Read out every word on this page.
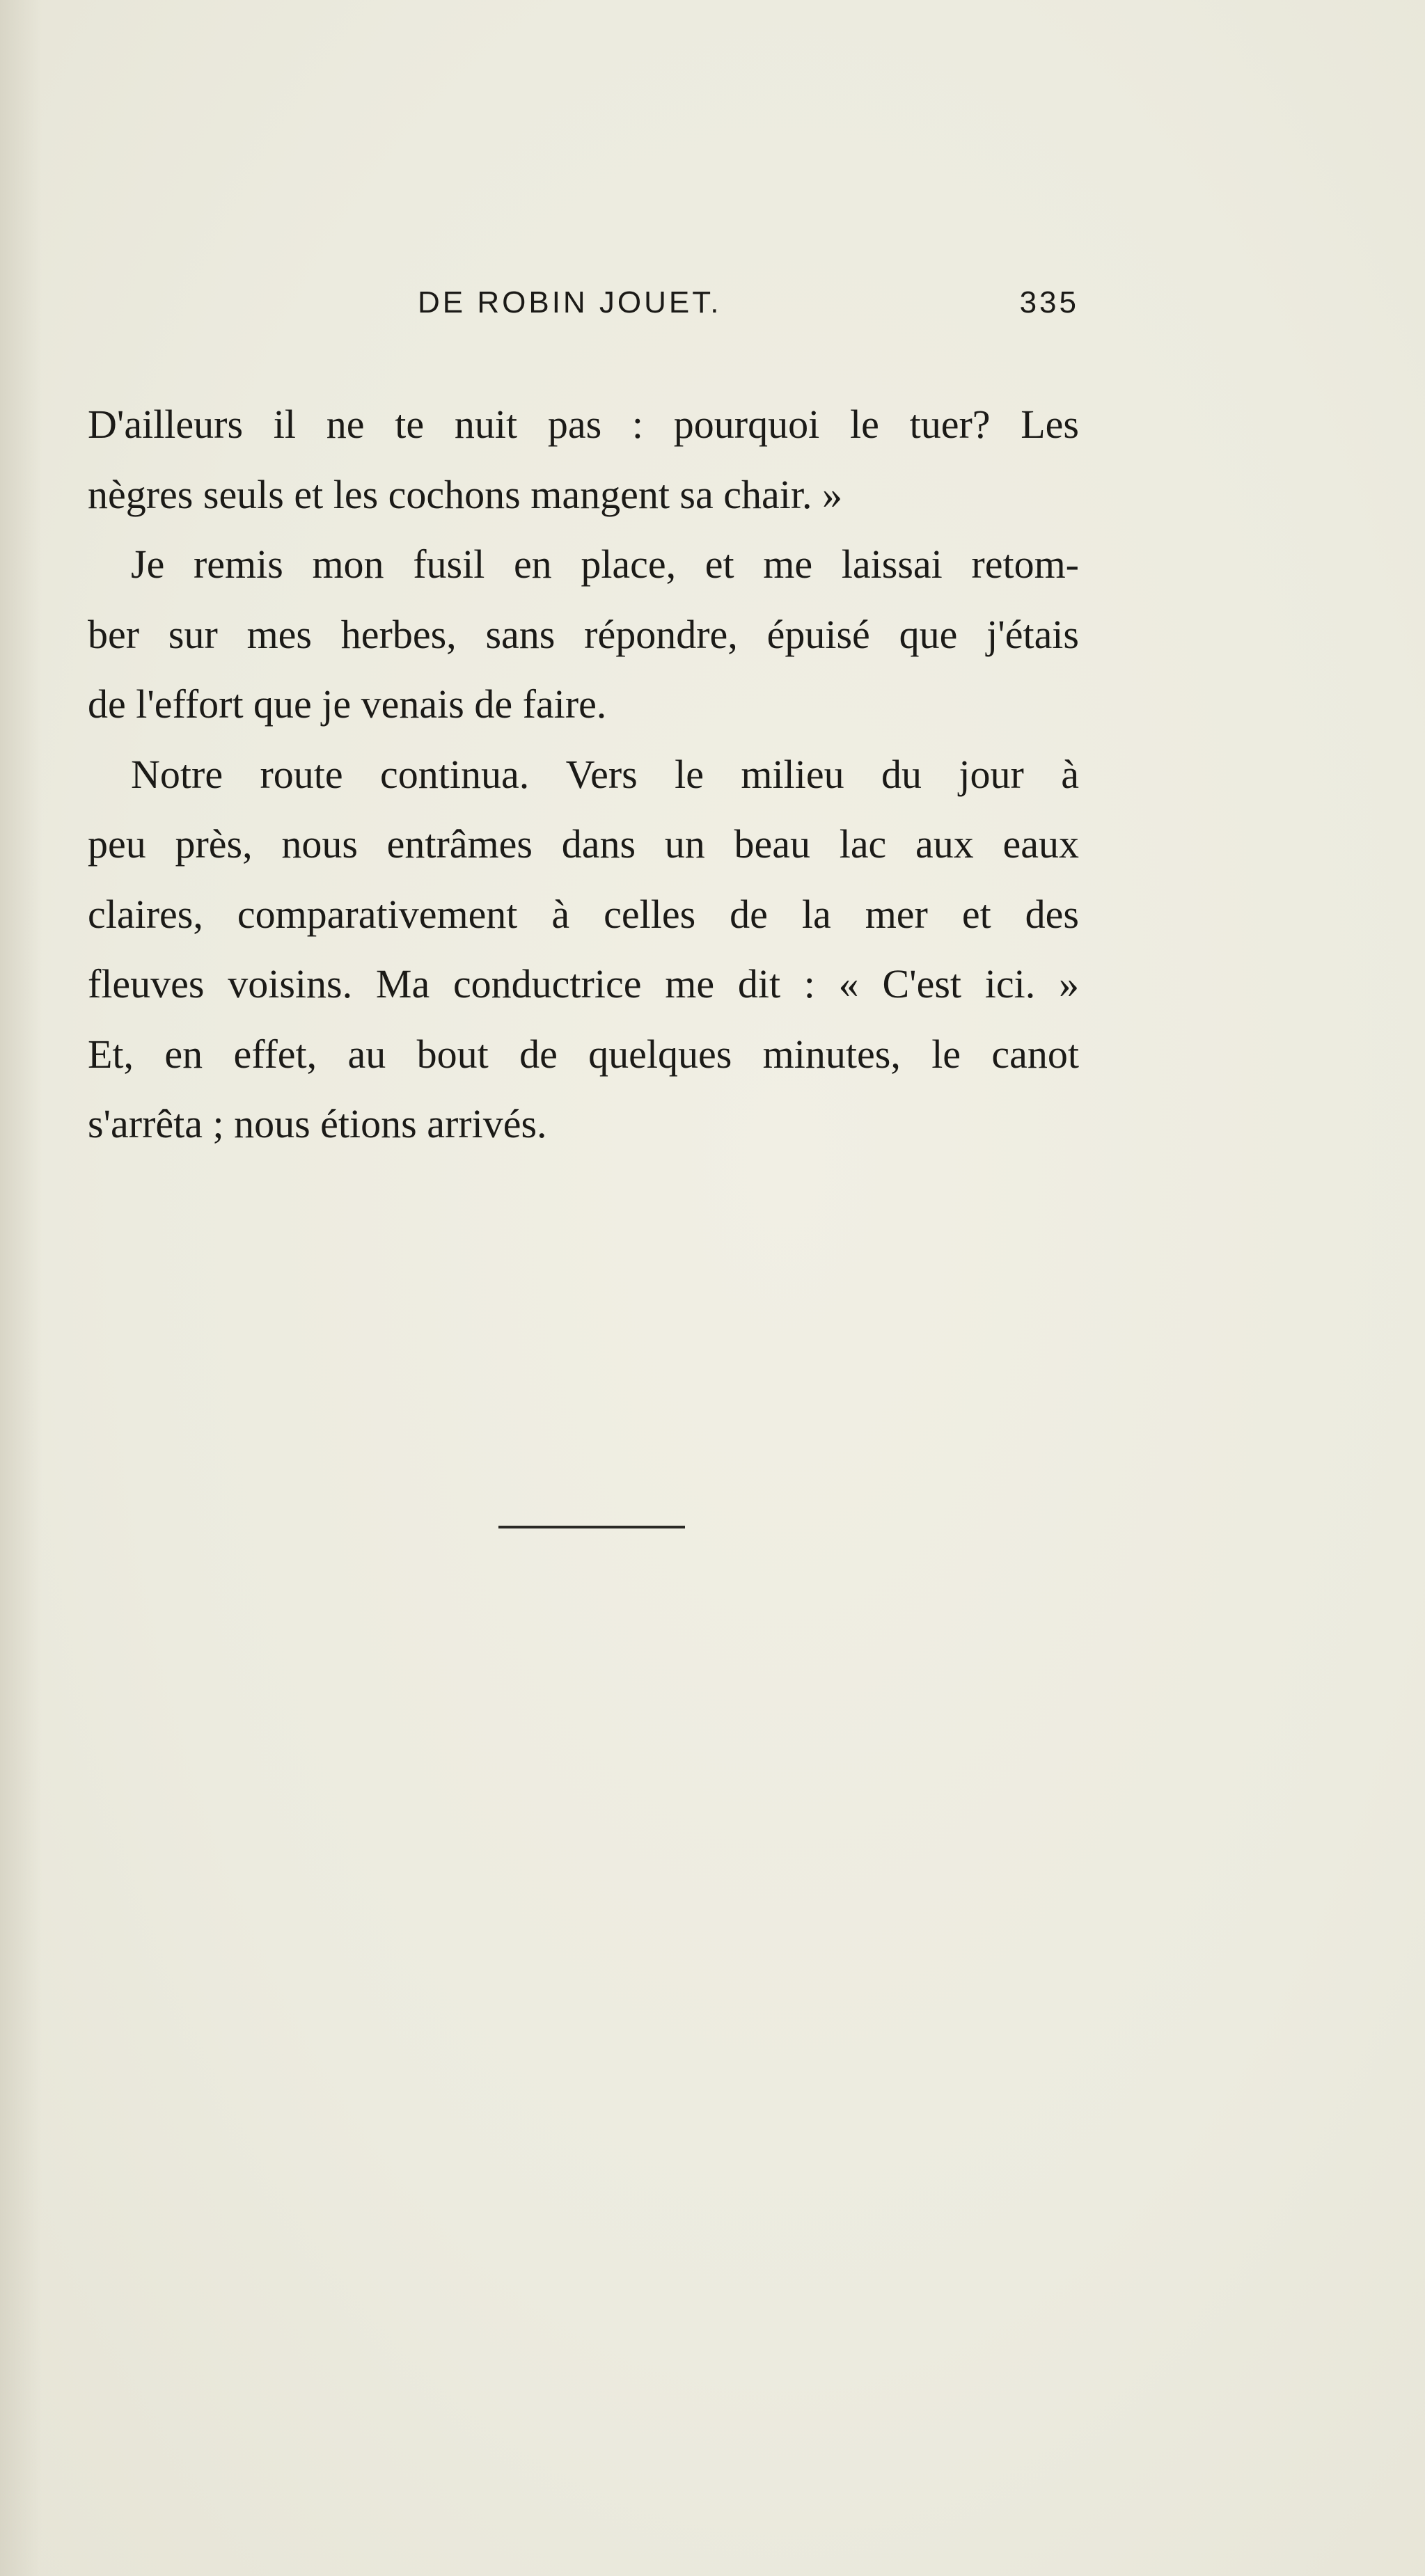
DE ROBIN JOUET.	335
D'ailleurs il ne te nuit pas : pourquoi le tuer? Les
nègres seuls et les cochons mangent sa chair. »
Je remis mon fusil en place, et me laissai retom-
ber sur mes herbes, sans répondre, épuisé que j'étais
de l'effort que je venais de faire.
Notre route continua. Vers le milieu du jour à
peu près, nous entrâmes dans un beau lac aux eaux
claires, comparativement à celles de la mer et des
fleuves voisins. Ma conductrice me dit : « C'est ici. »
Et, en effet, au bout de quelques minutes, le canot
s'arrêta ; nous étions arrivés.
